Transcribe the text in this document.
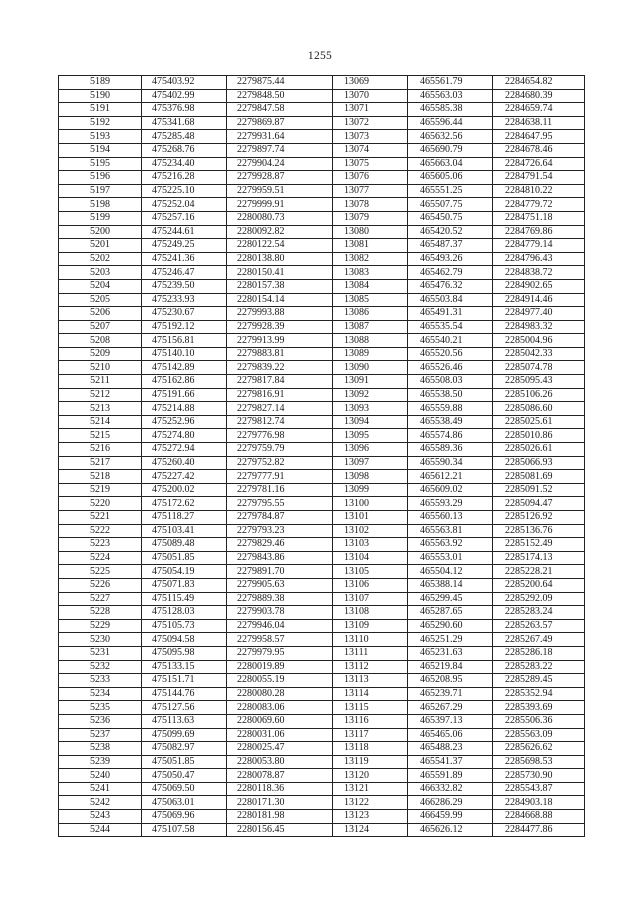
1255
5189	475403.92	2279875.44	13069	465561.79	2284654.82
5190	475402.99	2279848.50	13070	465563.03	2284680.39
5191	475376.98	2279847.58	13071	465585.38	2284659.74
5192	475341.68	2279869.87	13072	465596.44	2284638.11
5193	475285.48	2279931.64	13073	465632.56	2284647.95
5194	475268.76	2279897.74	13074	465690.79	2284678.46
5195	475234.40	2279904.24	13075	465663.04	2284726.64
5196	475216.28	2279928.87	13076	465605.06	2284791.54
5197	475225.10	2279959.51	13077	465551.25	2284810.22
5198	475252.04	2279999.91	13078	465507.75	2284779.72
5199	475257.16	2280080.73	13079	465450.75	2284751.18
5200	475244.61	2280092.82	13080	465420.52	2284769.86
5201	475249.25	2280122.54	13081	465487.37	2284779.14
5202	475241.36	2280138.80	13082	465493.26	2284796.43
5203	475246.47	2280150.41	13083	465462.79	2284838.72
5204	475239.50	2280157.38	13084	465476.32	2284902.65
5205	475233.93	2280154.14	13085	465503.84	2284914.46
5206	475230.67	2279993.88	13086	465491.31	2284977.40
5207	475192.12	2279928.39	13087	465535.54	2284983.32
5208	475156.81	2279913.99	13088	465540.21	2285004.96
5209	475140.10	2279883.81	13089	465520.56	2285042.33
5210	475142.89	2279839.22	13090	465526.46	2285074.78
5211	475162.86	2279817.84	13091	465508.03	2285095.43
5212	475191.66	2279816.91	13092	465538.50	2285106.26
5213	475214.88	2279827.14	13093	465559.88	2285086.60
5214	475252.96	2279812.74	13094	465538.49	2285025.61
5215	475274.80	2279776.98	13095	465574.86	2285010.86
5216	475272.94	2279759.79	13096	465589.36	2285026.61
5217	475260.40	2279752.82	13097	465590.34	2285066.93
5218	475227.42	2279777.91	13098	465612.21	2285081.69
5219	475200.02	2279781.16	13099	465609.02	2285091.52
5220	475172.62	2279795.55	13100	465593.29	2285094.47
5221	475118.27	2279784.87	13101	465560.13	2285126.92
5222	475103.41	2279793.23	13102	465563.81	2285136.76
5223	475089.48	2279829.46	13103	465563.92	2285152.49
5224	475051.85	2279843.86	13104	465553.01	2285174.13
5225	475054.19	2279891.70	13105	465504.12	2285228.21
5226	475071.83	2279905.63	13106	465388.14	2285200.64
5227	475115.49	2279889.38	13107	465299.45	2285292.09
5228	475128.03	2279903.78	13108	465287.65	2285283.24
5229	475105.73	2279946.04	13109	465290.60	2285263.57
5230	475094.58	2279958.57	13110	465251.29	2285267.49
5231	475095.98	2279979.95	13111	465231.63	2285286.18
5232	475133.15	2280019.89	13112	465219.84	2285283.22
5233	475151.71	2280055.19	13113	465208.95	2285289.45
5234	475144.76	2280080.28	13114	465239.71	2285352.94
5235	475127.56	2280083.06	13115	465267.29	2285393.69
5236	475113.63	2280069.60	13116	465397.13	2285506.36
5237	475099.69	2280031.06	13117	465465.06	2285563.09
5238	475082.97	2280025.47	13118	465488.23	2285626.62
5239	475051.85	2280053.80	13119	465541.37	2285698.53
5240	475050.47	2280078.87	13120	465591.89	2285730.90
5241	475069.50	2280118.36	13121	466332.82	2285543.87
5242	475063.01	2280171.30	13122	466286.29	2284903.18
5243	475069.96	2280181.98	13123	466459.99	2284668.88
5244	475107.58	2280156.45	13124	465626.12	2284477.86
